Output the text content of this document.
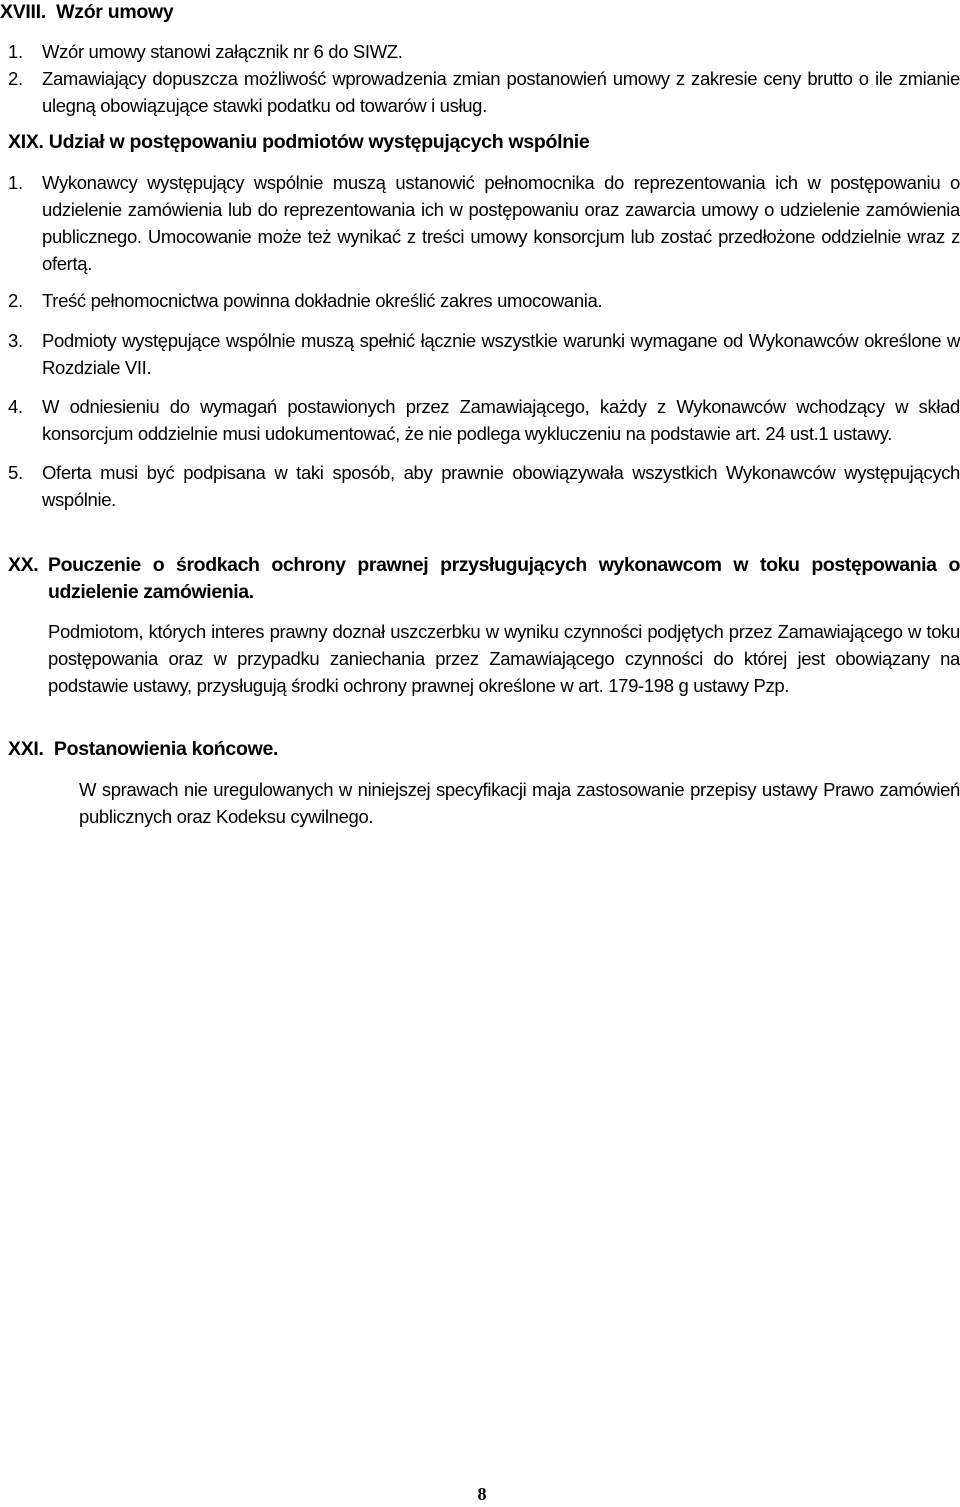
XVIII. Wzór umowy
1. Wzór umowy stanowi załącznik nr 6 do SIWZ.
2. Zamawiający dopuszcza możliwość wprowadzenia zmian postanowień umowy z zakresie ceny brutto o ile zmianie ulegną obowiązujące stawki podatku od towarów i usług.
XIX. Udział w postępowaniu podmiotów występujących wspólnie
1. Wykonawcy występujący wspólnie muszą ustanowić pełnomocnika do reprezentowania ich w postępowaniu o udzielenie zamówienia lub do reprezentowania ich w postępowaniu oraz zawarcia umowy o udzielenie zamówienia publicznego. Umocowanie może też wynikać z treści umowy konsorcjum lub zostać przedłożone oddzielnie wraz z ofertą.
2. Treść pełnomocnictwa powinna dokładnie określić zakres umocowania.
3. Podmioty występujące wspólnie muszą spełnić łącznie wszystkie warunki wymagane od Wykonawców określone w Rozdziale VII.
4. W odniesieniu do wymagań postawionych przez Zamawiającego, każdy z Wykonawców wchodzący w skład konsorcjum oddzielnie musi udokumentować, że nie podlega wykluczeniu na podstawie art. 24 ust.1 ustawy.
5. Oferta musi być podpisana w taki sposób, aby prawnie obowiązywała wszystkich Wykonawców występujących wspólnie.
XX. Pouczenie o środkach ochrony prawnej przysługujących wykonawcom w toku postępowania o udzielenie zamówienia.
Podmiotom, których interes prawny doznał uszczerbku w wyniku czynności podjętych przez Zamawiającego w toku postępowania oraz w przypadku zaniechania przez Zamawiającego czynności do której jest obowiązany na podstawie ustawy, przysługują środki ochrony prawnej określone w art. 179-198 g ustawy Pzp.
XXI. Postanowienia końcowe.
W sprawach nie uregulowanych w niniejszej specyfikacji maja zastosowanie przepisy ustawy Prawo zamówień publicznych oraz Kodeksu cywilnego.
8
